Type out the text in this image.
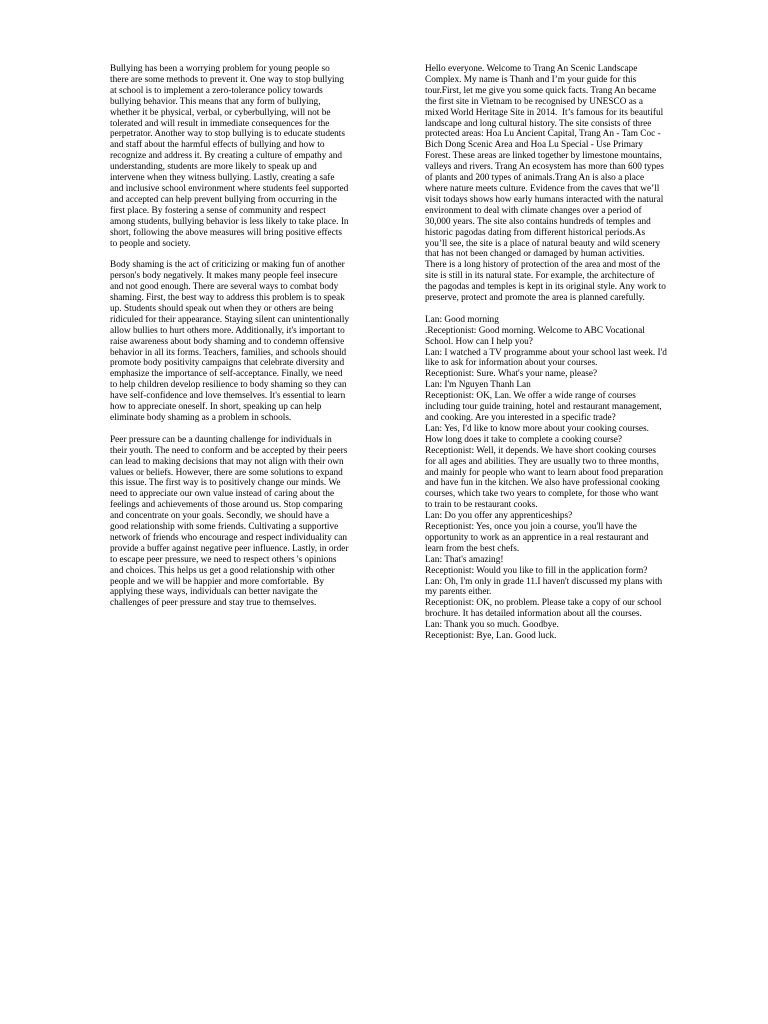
Bullying has been a worrying problem for young people so there are some methods to prevent it. One way to stop bullying at school is to implement a zero-tolerance policy towards bullying behavior. This means that any form of bullying, whether it be physical, verbal, or cyberbullying, will not be tolerated and will result in immediate consequences for the perpetrator. Another way to stop bullying is to educate students and staff about the harmful effects of bullying and how to recognize and address it. By creating a culture of empathy and understanding, students are more likely to speak up and intervene when they witness bullying. Lastly, creating a safe and inclusive school environment where students feel supported and accepted can help prevent bullying from occurring in the first place. By fostering a sense of community and respect among students, bullying behavior is less likely to take place. In short, following the above measures will bring positive effects to people and society.

Body shaming is the act of criticizing or making fun of another person's body negatively. It makes many people feel insecure and not good enough. There are several ways to combat body shaming. First, the best way to address this problem is to speak up. Students should speak out when they or others are being ridiculed for their appearance. Staying silent can unintentionally allow bullies to hurt others more. Additionally, it's important to raise awareness about body shaming and to condemn offensive behavior in all its forms. Teachers, families, and schools should promote body positivity campaigns that celebrate diversity and emphasize the importance of self-acceptance. Finally, we need to help children develop resilience to body shaming so they can have self-confidence and love themselves. It's essential to learn how to appreciate oneself. In short, speaking up can help eliminate body shaming as a problem in schools.

Peer pressure can be a daunting challenge for individuals in their youth. The need to conform and be accepted by their peers can lead to making decisions that may not align with their own values or beliefs. However, there are some solutions to expand this issue. The first way is to positively change our minds. We need to appreciate our own value instead of caring about the feelings and achievements of those around us. Stop comparing and concentrate on your goals. Secondly, we should have a good relationship with some friends. Cultivating a supportive network of friends who encourage and respect individuality can provide a buffer against negative peer influence. Lastly, in order to escape peer pressure, we need to respect others 's opinions and choices. This helps us get a good relationship with other people and we will be happier and more comfortable.  By applying these ways, individuals can better navigate the challenges of peer pressure and stay true to themselves.

Hello everyone. Welcome to Trang An Scenic Landscape Complex. My name is Thanh and I’m your guide for this tour.First, let me give you some quick facts. Trang An became the first site in Vietnam to be recognised by UNESCO as a mixed World Heritage Site in 2014.  It’s famous for its beautiful landscape and long cultural history. The site consists of three protected areas: Hoa Lu Ancient Capital, Trang An - Tam Coc - Bich Dong Scenic Area and Hoa Lu Special - Use Primary Forest. These areas are linked together by limestone mountains, valleys and rivers. Trang An ecosystem has more than 600 types of plants and 200 types of animals.Trang An is also a place where nature meets culture. Evidence from the caves that we’ll visit todays shows how early humans interacted with the natural environment to deal with climate changes over a period of 30,000 years. The site also contains hundreds of temples and historic pagodas dating from different historical periods.As you’ll see, the site is a place of natural beauty and wild scenery that has not been changed or damaged by human activities. There is a long history of protection of the area and most of the site is still in its natural state. For example, the architecture of the pagodas and temples is kept in its original style. Any work to preserve, protect and promote the area is planned carefully.

Lan: Good morning

.Receptionist: Good morning. Welcome to ABC Vocational School. How can I help you?

Lan: I watched a TV programme about your school last week. I'd like to ask for information about your courses.

Receptionist: Sure. What's your name, please?

Lan: I'm Nguyen Thanh Lan

Receptionist: OK, Lan. We offer a wide range of courses including tour guide training, hotel and restaurant management, and cooking. Are you interested in a specific trade?

Lan: Yes, I'd like to know more about your cooking courses. How long does it take to complete a cooking course?

Receptionist: Well, it depends. We have short cooking courses for all ages and abilities. They are usually two to three months, and mainly for people who want to learn about food preparation and have fun in the kitchen. We also have professional cooking courses, which take two years to complete, for those who want to train to be restaurant cooks.

Lan: Do you offer any apprenticeships?

Receptionist: Yes, once you join a course, you'll have the opportunity to work as an apprentice in a real restaurant and learn from the best chefs.

Lan: That's amazing!

Receptionist: Would you like to fill in the application form?

Lan: Oh, I'm only in grade 11.I haven't discussed my plans with my parents either.

Receptionist: OK, no problem. Please take a copy of our school brochure. It has detailed information about all the courses.

Lan: Thank you so much. Goodbye.

Receptionist: Bye, Lan. Good luck.
